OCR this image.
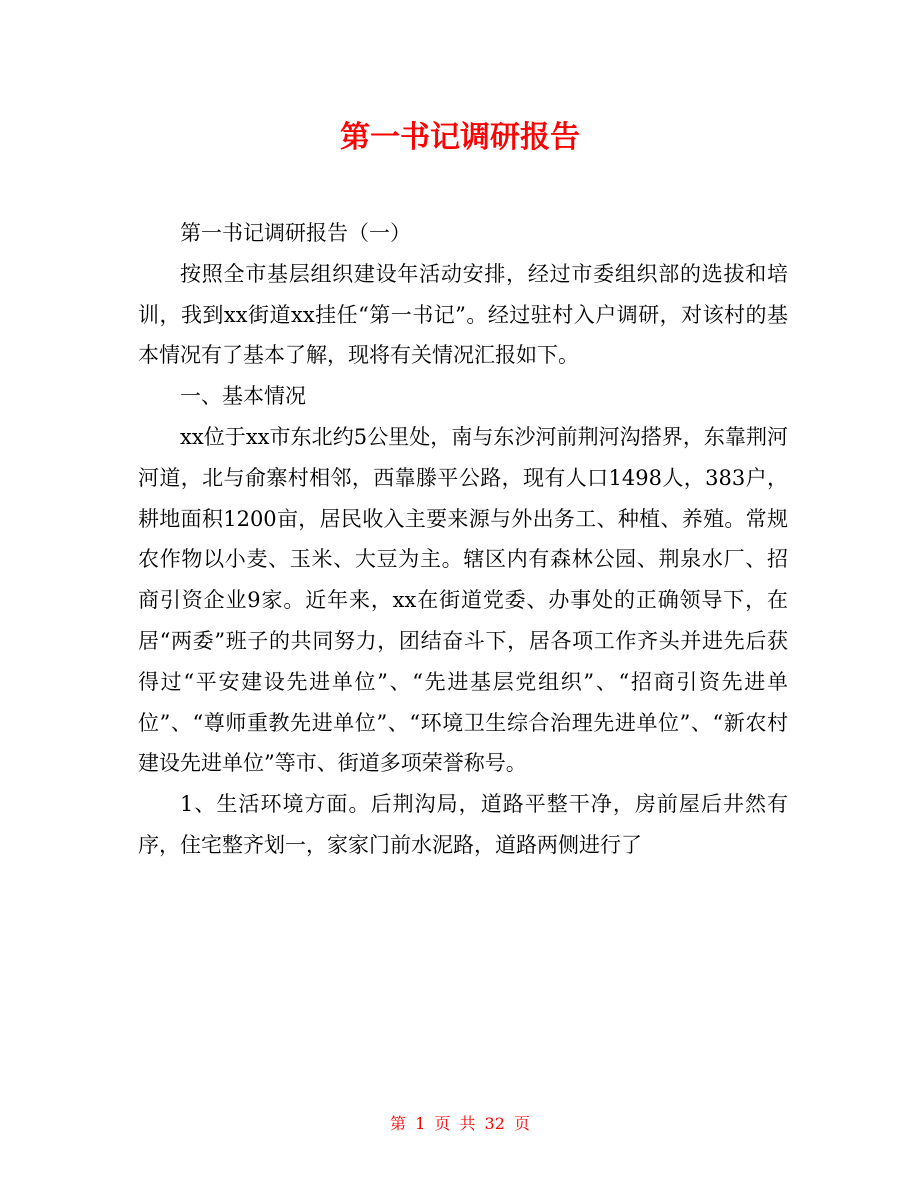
第一书记调研报告

第一书记调研报告（一）

按照全市基层组织建设年活动安排，经过市委组织部的选拔和培训，我到xx街道xx挂任“第一书记”。经过驻村入户调研，对该村的基本情况有了基本了解，现将有关情况汇报如下。

一、基本情况

xx位于xx市东北约5公里处，南与东沙河前荆河沟搭界，东靠荆河河道，北与俞寨村相邻，西靠滕平公路，现有人口1498人，383户，耕地面积1200亩，居民收入主要来源与外出务工、种植、养殖。常规农作物以小麦、玉米、大豆为主。辖区内有森林公园、荆泉水厂、招商引资企业9家。近年来，xx在街道党委、办事处的正确领导下，在居“两委”班子的共同努力，团结奋斗下，居各项工作齐头并进先后获得过“平安建设先进单位”、“先进基层党组织”、“招商引资先进单位”、“尊师重教先进单位”、“环境卫生综合治理先进单位”、“新农村建设先进单位”等市、街道多项荣誉称号。

1、生活环境方面。后荆沟局，道路平整干净，房前屋后井然有序，住宅整齐划一，家家门前水泥路，道路两侧进行了

第 1 页 共 32 页
